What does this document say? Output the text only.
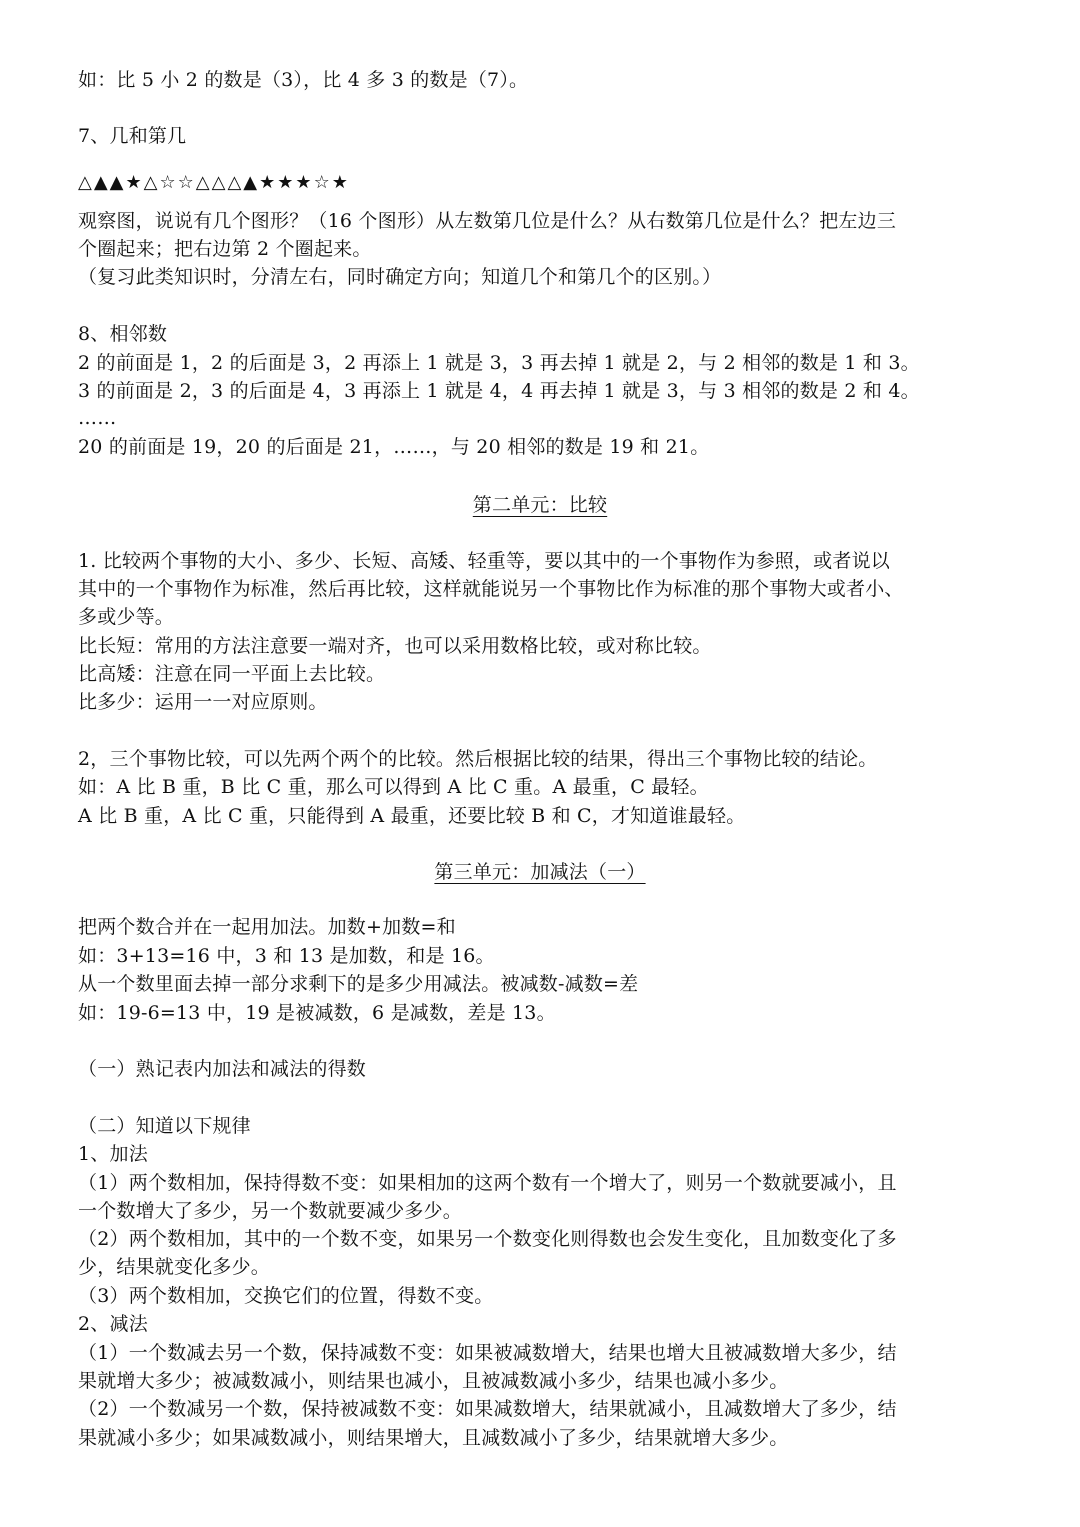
如：比 5 小 2 的数是（3），比 4 多 3 的数是（7）。
7、几和第几
△▲▲★△☆☆△△△▲★★★☆★
观察图，说说有几个图形？（16 个图形）从左数第几位是什么？从右数第几位是什么？把左边三
个圈起来；把右边第 2 个圈起来。
（复习此类知识时，分清左右，同时确定方向；知道几个和第几个的区别。）
8、相邻数
2 的前面是 1，2 的后面是 3，2 再添上 1 就是 3，3 再去掉 1 就是 2，与 2 相邻的数是 1 和 3。
3 的前面是 2，3 的后面是 4，3 再添上 1 就是 4，4 再去掉 1 就是 3，与 3 相邻的数是 2 和 4。
……
20 的前面是 19，20 的后面是 21，……，与 20 相邻的数是 19 和 21。
第二单元：比较
1. 比较两个事物的大小、多少、长短、高矮、轻重等，要以其中的一个事物作为参照，或者说以
其中的一个事物作为标准，然后再比较，这样就能说另一个事物比作为标准的那个事物大或者小、
多或少等。
比长短：常用的方法注意要一端对齐，也可以采用数格比较，或对称比较。
比高矮：注意在同一平面上去比较。
比多少：运用一一对应原则。
2，三个事物比较，可以先两个两个的比较。然后根据比较的结果，得出三个事物比较的结论。
如：A 比 B 重，B 比 C 重，那么可以得到 A 比 C 重。A 最重，C 最轻。
A 比 B 重，A 比 C 重，只能得到 A 最重，还要比较 B 和 C，才知道谁最轻。
第三单元：加减法（一）
把两个数合并在一起用加法。加数+加数=和
如：3+13=16 中，3 和 13 是加数，和是 16。
从一个数里面去掉一部分求剩下的是多少用减法。被减数-减数=差
如：19-6=13 中，19 是被减数，6 是减数，差是 13。
（一）熟记表内加法和减法的得数
（二）知道以下规律
1、加法
（1）两个数相加，保持得数不变：如果相加的这两个数有一个增大了，则另一个数就要减小，且
一个数增大了多少，另一个数就要减少多少。
（2）两个数相加，其中的一个数不变，如果另一个数变化则得数也会发生变化，且加数变化了多
少，结果就变化多少。
（3）两个数相加，交换它们的位置，得数不变。
2、减法
（1）一个数减去另一个数，保持减数不变：如果被减数增大，结果也增大且被减数增大多少，结
果就增大多少；被减数减小，则结果也减小，且被减数减小多少，结果也减小多少。
（2）一个数减另一个数，保持被减数不变：如果减数增大，结果就减小，且减数增大了多少，结
果就减小多少；如果减数减小，则结果增大，且减数减小了多少，结果就增大多少。
